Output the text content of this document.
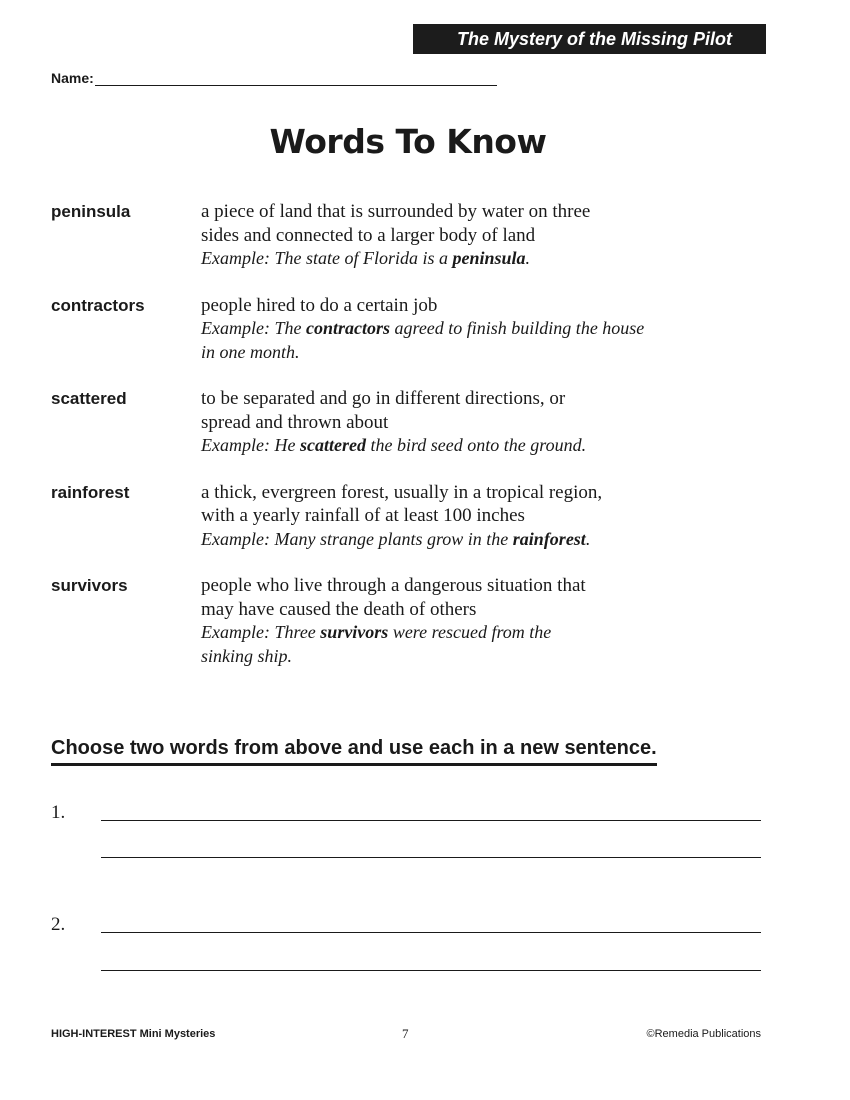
The Mystery of the Missing Pilot
Name:
Words To Know
peninsula	a piece of land that is surrounded by water on three
sides and connected to a larger body of land
Example: The state of Florida is a peninsula.
contractors	people hired to do a certain job
Example: The contractors agreed to finish building the house
in one month.
scattered	to be separated and go in different directions, or
spread and thrown about
Example: He scattered the bird seed onto the ground.
rainforest	a thick, evergreen forest, usually in a tropical region,
with a yearly rainfall of at least 100 inches
Example: Many strange plants grow in the rainforest.
survivors	people who live through a dangerous situation that
may have caused the death of others
Example: Three survivors were rescued from the
sinking ship.
Choose two words from above and use each in a new sentence.
1.
2.
HIGH-INTEREST Mini Mysteries	7	©Remedia Publications
